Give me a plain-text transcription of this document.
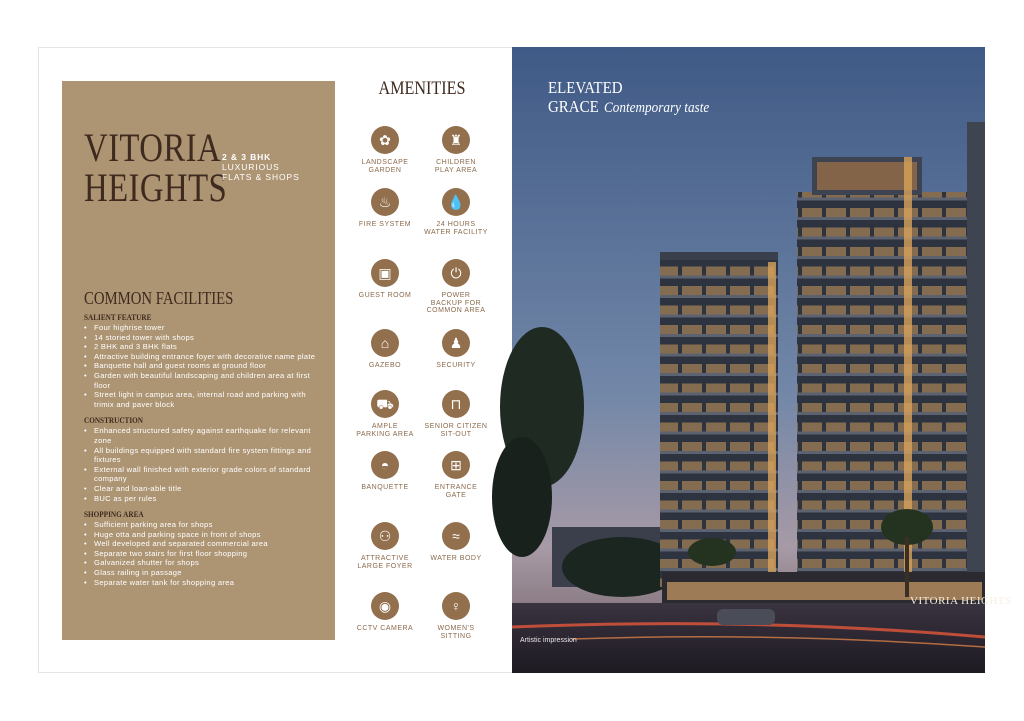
VITORIA
HEIGHTS
2 & 3 BHK
LUXURIOUS
FLATS & SHOPS
COMMON FACILITIES
SALIENT FEATURE
• Four highrise tower
• 14 storied tower with shops
• 2 BHK and 3 BHK flats
• Attractive building entrance foyer with decorative name plate
• Banquette hall and guest rooms at ground floor
• Garden with beautiful landscaping and children area at first floor
• Street light in campus area, internal road and parking with trimix and paver block
CONSTRUCTION
• Enhanced structured safety against earthquake for relevant zone
• All buildings equipped with standard fire system fittings and fixtures
• External wall finished with exterior grade colors of standard company
• Clear and loan-able title
• BUC as per rules
SHOPPING AREA
• Sufficient parking area for shops
• Huge otta and parking space in front of shops
• Well developed and separated commercial area
• Separate two stairs for first floor shopping
• Galvanized shutter for shops
• Glass railing in passage
• Separate water tank for shopping area
AMENITIES
✿
LANDSCAPE
GARDEN
♜
CHILDREN
PLAY AREA
♨
FIRE SYSTEM
💧
24 HOURS
WATER FACILITY
▣
GUEST ROOM
⏻
POWER
BACKUP FOR
COMMON AREA
⌂
GAZEBO
♟
SECURITY
⛟
AMPLE
PARKING AREA
⊓
SENIOR CITIZEN
SIT-OUT
◓
BANQUETTE
⊞
ENTRANCE
GATE
⚇
ATTRACTIVE
LARGE FOYER
≈
WATER BODY
◉
CCTV CAMERA
♀
WOMEN'S
SITTING
ELEVATED
GRACE Contemporary taste
VITORIA HEIGHTS
Artistic impression
